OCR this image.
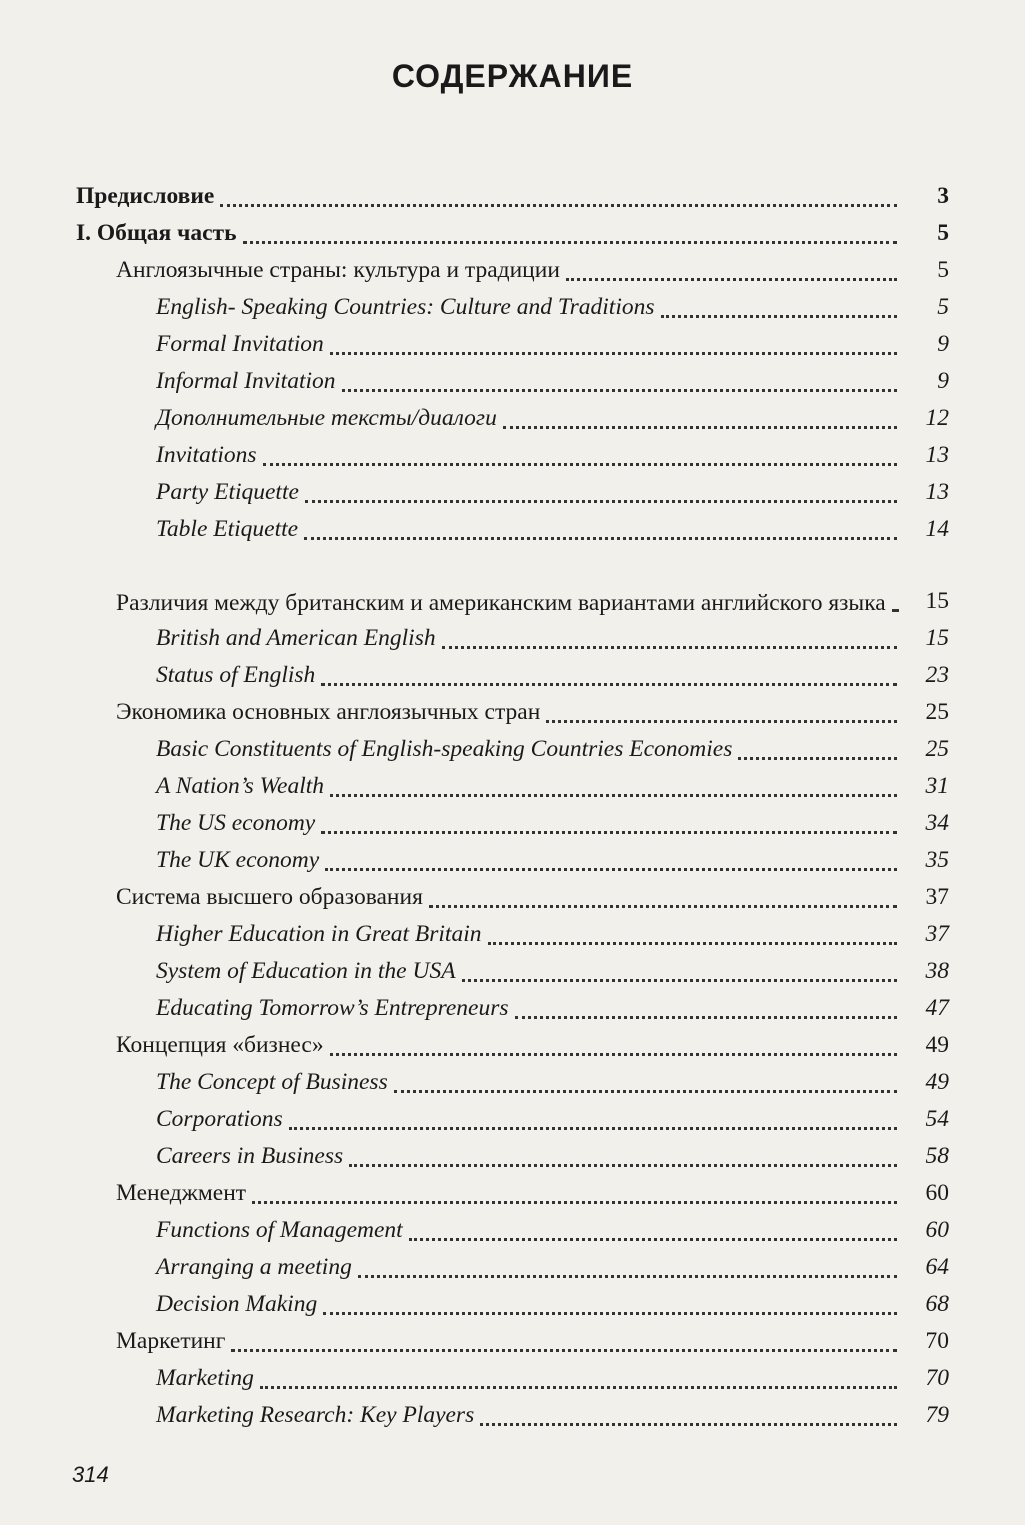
СОДЕРЖАНИЕ
Предисловие	3
I. Общая часть	5
Англоязычные страны: культура и традиции	5
English- Speaking Countries: Culture and Traditions	5
Formal Invitation	9
Informal Invitation	9
Дополнительные тексты/диалоги	12
Invitations	13
Party Etiquette	13
Table Etiquette	14
Различия между британским и американским вариантами английского языка	15
British and American English	15
Status of English	23
Экономика основных англоязычных стран	25
Basic Constituents of English-speaking Countries Economies	25
A Nation’s Wealth	31
The US economy	34
The UK economy	35
Система высшего образования	37
Higher Education in Great Britain	37
System of Education in the USA	38
Educating Tomorrow’s Entrepreneurs	47
Концепция «бизнес»	49
The Concept of Business	49
Corporations	54
Careers in Business	58
Менеджмент	60
Functions of Management	60
Arranging a meeting	64
Decision Making	68
Маркетинг	70
Marketing	70
Marketing Research: Key Players	79
314
